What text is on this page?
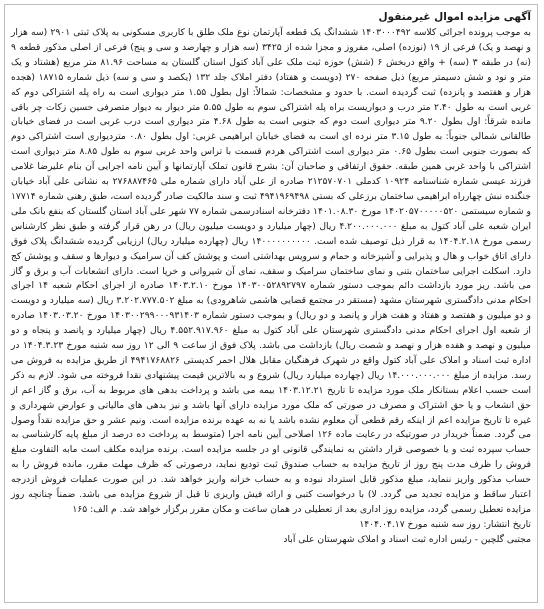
آگهی مزایده اموال غیرمنقول

به موجب پرونده اجرائی کلاسه ۱۴۰۳۰۰۰۴۹۲ ششدانگ یک قطعه آپارتمان نوع ملک طلق با کاربری مسکونی به پلاک ثبتی ۲۹۰۱ (سه هزار و نهصد و یک) فرعی از ۱۹ (نوزده) اصلی، مفروز و مجزا شده از ۳۴۲۵ (سه هزار و چهارصد و سی و پنج) فرعی از اصلی مذکور قطعه ۹ (نه) در طبقه ۳ (سه) + واقع دربخش ۶ (شش) حوزه ثبت ملک علی آباد کتول استان گلستان به مساحت ۸۱.۹۶ متر مربع (هشتاد و یک متر و نود و شش دسیمتر مربع) ذیل صفحه ۲۷۰ (دویست و هفتاد) دفتر املاک جلد ۱۳۲ (یکصد و سی و سه) ذیل شماره ۱۸۷۱۵ (هجده هزار و هفتصد و پانزده) ثبت گردیده است. با حدود و مشخصات: شمالاً: اول بطول ۱.۵۵ متر دیواری است به راه پله اشتراکی دوم که غربی است به طول ۲.۴۰ متر درب و دیواریست براه پله اشتراکی سوم به طول ۵.۵۵ متر دیوار به دیوار متصرفی حسین زکات چر باقی مانده شرقاً: اول بطول ۹.۲۰ متر دیواری است دوم که جنوبی است به طول ۴.۶۸ متر دیواری است درب غربی است در فضای خیابان طالقانی شمالی جنوباً: به طول ۳.۱۵ متر نرده ای است به فضای خیابان ابراهیمی غربی: اول بطول ۰.۸۰ متردیواری است اشتراکی دوم که بصورت جنوبی است بطول ۰.۶۵ متر دیواری است اشتراکی هردم قسمت با تراس واحد غربی سوم به طول ۸.۸۵ متر دیواری است اشتراکی با واحد غربی همین طبقه. حقوق ارتفاقی و صاحبان آن: بشرح قانون تملک آپارتمانها و آیین نامه اجرایی آن بنام علیرضا غلامی فرزند عیسی شماره شناسنامه ۱۰۹۲۴ کدملی ۲۱۲۵۷۰۷۰۱ صادره از علی آباد دارای شماره ملی ۲۷۶۸۸۷۴۶۵ به نشانی علی آباد خیابان جنگنده نبش چهارراه ابراهیمی ساختمان برزعلی که بستی ۴۹۴۱۹۶۹۴۹۸ ثبت و سند مالکیت صادر گردیده است، طبق رهنی شماره ۱۷۷۱۴ و شماره سیستمی ۱۴۰۲۰۵۷۰۰۰۰۰۵۲۰ مورخ ۱۴۰۱.۰۸.۳۰ دفترخانه اسنادرسمی شماره ۷۷ شهر علی آباد استان گلستان که بنفع بانک ملی ایران شعبه علی آباد کتول به مبلغ ۴.۲۰۰.۰۰۰.۰۰۰ ریال (چهار میلیارد و دویست میلیون ریال) در رهن قرار گرفته و طبق نظر کارشناس رسمی مورخ ۱۴۰۴.۲.۱۸ به قرار ذیل توصیف شده است. ۱۴۰۰۰۰۰۰۰۰۰۰ ریال (چهارده میلیارد ریال) ارزیابی گردیده ششدانگ پلاک فوق دارای اتاق خواب و هال و پذیرایی و آشپزخانه و حمام و سرویس بهداشتی است و پوشش کف آن سرامیک و دیوارها و سقف و پوشش کج دارد. اسکلت اجرایی ساختمان بتنی و نمای ساختمان سرامیک و سقف، نمای آن شیروانی و خرپا است. دارای انشعابات آب و برق و گاز می باشد. ریز مورد بازداشت دائم بموجب دستور شماره ۱۴۰۳۰۰۵۲۸۹۲۷۹۷ مورخ ۱۴۰۳.۲.۱۰ صادره از اجرای احکام شعبه ۱۴ اجرای احکام مدنی دادگستری شهرستان مشهد (مستقر در مجتمع قضایی هاشمی شاهرودی) به مبلغ ۳.۲۰۲.۷۷۷.۵۰۲ ریال (سه میلیارد و دویست و دو میلیون و هفتصد و هفتاد و هفت هزار و پانصد و دو ریال) و بموجب دستور شماره ۱۴۰۳۰۰۲۹۹۰۰۰۹۳۱۴۰۳ مورخ ۱۴۰۳.۰۳.۲۰ صادره از شعبه اول اجرای احکام مدنی دادگستری شهرستان علی آباد کتول به مبلغ ۴.۵۵۲.۹۱۷.۹۶۰ ریال (چهار میلیارد و پانصد و پنجاه و دو میلیون و نهصد و هفده هزار و نهصد و شصت ریال) بازداشت می باشد. پلاک فوق از ساعت ۹ الی ۱۲ روز سه شنبه مورخ ۱۴۰۴.۳.۲۳ در اداره ثبت اسناد و املاک علی آباد کتول واقع در شهرک فرهنگیان مقابل هلال احمر کدپستی ۴۹۴۱۷۶۸۸۲۶ از طریق مزایده به فروش می رسد. مزایده از مبلغ ۱۴.۰۰۰.۰۰۰.۰۰۰ ریال (چهارده میلیارد ریال) شروع و به بالاترین قیمت پیشنهادی نقدا فروخته می شود. لازم به ذکر است حسب اعلام بستانکار ملک مورد مزایده تا تاریخ ۱۴۰۳.۱۲.۲۱ بیمه می باشد و پرداخت بدهی های مربوط به آب، برق و گاز اعم از حق انشعاب و یا حق اشتراک و مصرف در صورتی که ملک مورد مزایده دارای آنها باشد و نیز بدهی های مالیاتی و عوارض شهرداری و غیره تا تاریخ مزایده اعم از اینکه رقم قطعی آن معلوم نشده باشد یا نه به عهده برنده مزایده است. ونیم عشر و حق مزایده نقداً وصول می گردد. ضمناً خریدار در صورتیکه در رعایت ماده ۱۲۶ اصلاحی آیین نامه اجرا (متوسط به پرداخت ده درصد از مبلغ پایه کارشناسی به حساب سپرده ثبت و یا خصوصی قرار داشتن به نمایندگی قانونی او در جلسه مزایده است. برنده مزایده مکلف است مابه التفاوت مبلغ فروش را ظرف مدت پنج روز از تاریخ مزایده به حساب صندوق ثبت تودیع نماید، درصورتی که ظرف مهلت مقرر، مانده فروش را به حساب مذکور واریز ننماید، مبلغ مذکور قابل استرداد نبوده و به حساب خزانه واریز خواهد شد. در این صورت عملیات فروش ازدرجه اعتبار ساقط و مزایده تجدید می گردد. لا) با درخواست کتبی و ارائه فیش واریزی تا قبل از شروع مزایده می باشد. ضمناً چنانچه روز مزایده تعطیل رسمی گردد، مزایده روز اداری بعد از تعطیلی در همان ساعت و مکان مقرر برگزار خواهد شد. م الف: ۱۶۵

تاریخ انتشار: روز سه شنبه مورخ ۱۴۰۴.۰۴.۱۷

مجتبی گلچین - رئیس اداره ثبت اسناد و املاک شهرستان علی آباد
